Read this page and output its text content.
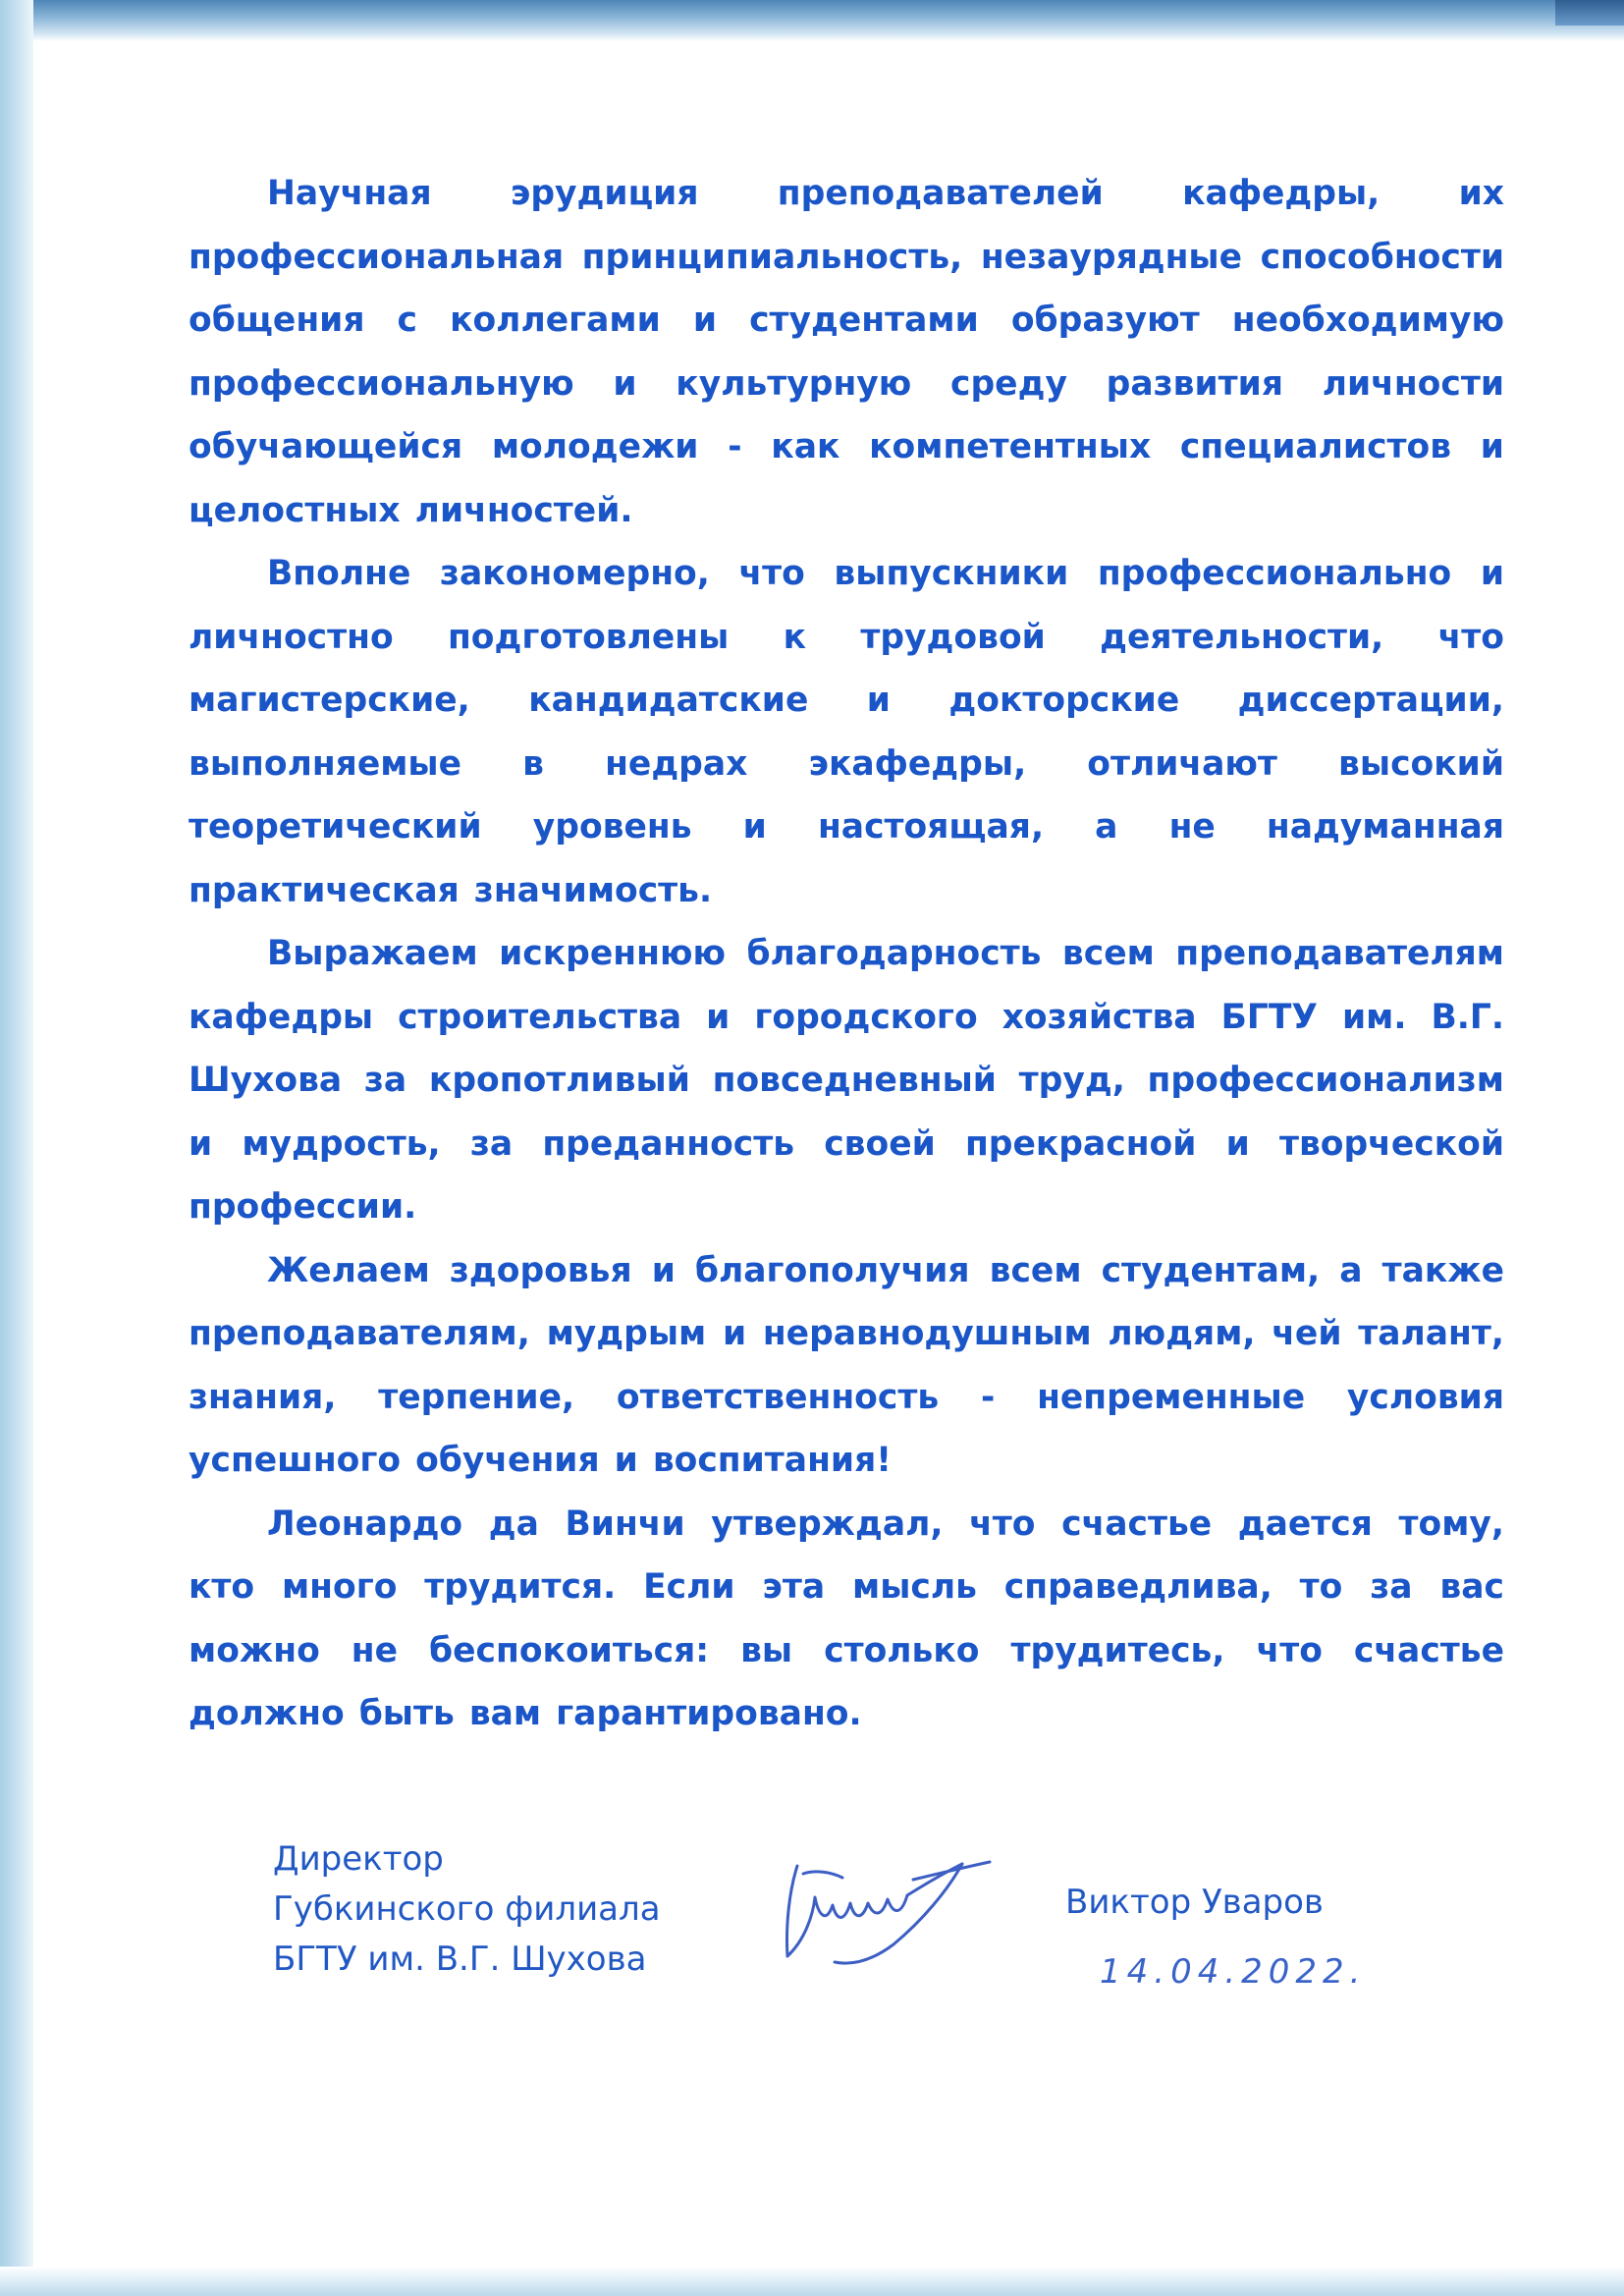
Научная эрудиция преподавателей кафедры, их профессиональная принципиальность, незаурядные способности общения с коллегами и студентами образуют необходимую профессиональную и культурную среду развития личности обучающейся молодежи - как компетентных специалистов и целостных личностей.

Вполне закономерно, что выпускники профессионально и личностно подготовлены к трудовой деятельности, что магистерские, кандидатские и докторские диссертации, выполняемые в недрах экафедры, отличают высокий теоретический уровень и настоящая, а не надуманная практическая значимость.

Выражаем искреннюю благодарность всем преподавателям кафедры строительства и городского хозяйства БГТУ им. В.Г. Шухова за кропотливый повседневный труд, профессионализм и мудрость, за преданность своей прекрасной и творческой профессии.

Желаем здоровья и благополучия всем студентам, а также преподавателям, мудрым и неравнодушным людям, чей талант, знания, терпение, ответственность - непременные условия успешного обучения и воспитания!

Леонардо да Винчи утверждал, что счастье дается тому, кто много трудится. Если эта мысль справедлива, то за вас можно не беспокоиться: вы столько трудитесь, что счастье должно быть вам гарантировано.

Директор
Губкинского филиала
БГТУ им. В.Г. Шухова
Виктор Уваров
14.04.2022.
